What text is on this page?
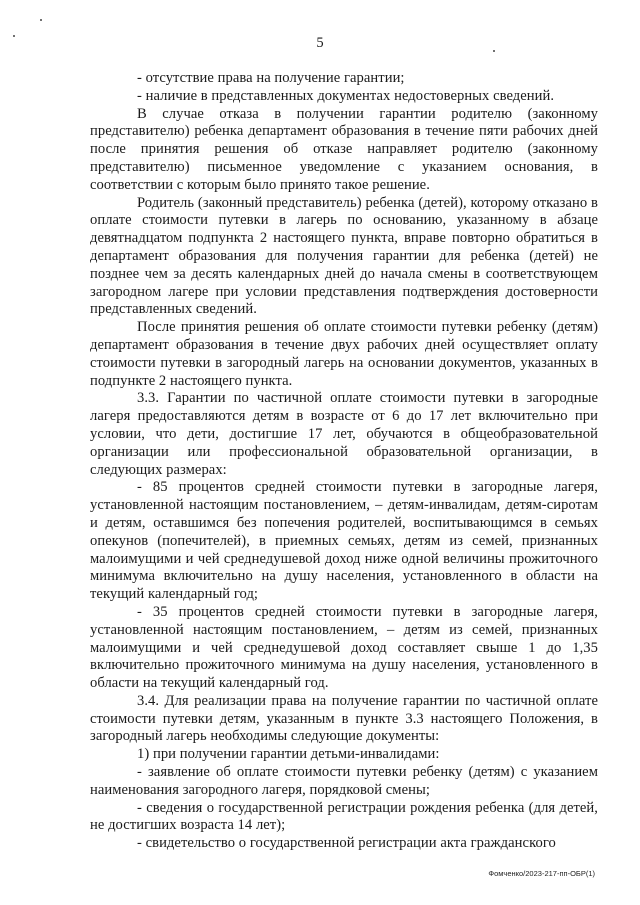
5

- отсутствие права на получение гарантии;

- наличие в представленных документах недостоверных сведений.

В случае отказа в получении гарантии родителю (законному представителю) ребенка департамент образования в течение пяти рабочих дней после принятия решения об отказе направляет родителю (законному представителю) письменное уведомление с указанием основания, в соответствии с которым было принято такое решение.

Родитель (законный представитель) ребенка (детей), которому отказано в оплате стоимости путевки в лагерь по основанию, указанному в абзаце девятнадцатом подпункта 2 настоящего пункта, вправе повторно обратиться в департамент образования для получения гарантии для ребенка (детей) не позднее чем за десять календарных дней до начала смены в соответствующем загородном лагере при условии представления подтверждения достоверности представленных сведений.

После принятия решения об оплате стоимости путевки ребенку (детям) департамент образования в течение двух рабочих дней осуществляет оплату стоимости путевки в загородный лагерь на основании документов, указанных в подпункте 2 настоящего пункта.

3.3. Гарантии по частичной оплате стоимости путевки в загородные лагеря предоставляются детям в возрасте от 6 до 17 лет включительно при условии, что дети, достигшие 17 лет, обучаются в общеобразовательной организации или профессиональной образовательной организации, в следующих размерах:

- 85 процентов средней стоимости путевки в загородные лагеря, установленной настоящим постановлением, – детям-инвалидам, детям-сиротам и детям, оставшимся без попечения родителей, воспитывающимся в семьях опекунов (попечителей), в приемных семьях, детям из семей, признанных малоимущими и чей среднедушевой доход ниже одной величины прожиточного минимума включительно на душу населения, установленного в области на текущий календарный год;

- 35 процентов средней стоимости путевки в загородные лагеря, установленной настоящим постановлением, – детям из семей, признанных малоимущими и чей среднедушевой доход составляет свыше 1 до 1,35 включительно прожиточного минимума на душу населения, установленного в области на текущий календарный год.

3.4. Для реализации права на получение гарантии по частичной оплате стоимости путевки детям, указанным в пункте 3.3 настоящего Положения, в загородный лагерь необходимы следующие документы:

1) при получении гарантии детьми-инвалидами:

- заявление об оплате стоимости путевки ребенку (детям) с указанием наименования загородного лагеря, порядковой смены;

- сведения о государственной регистрации рождения ребенка (для детей, не достигших возраста 14 лет);

- свидетельство о государственной регистрации акта гражданского

Фомченко/2023-217-пп-ОБР(1)
